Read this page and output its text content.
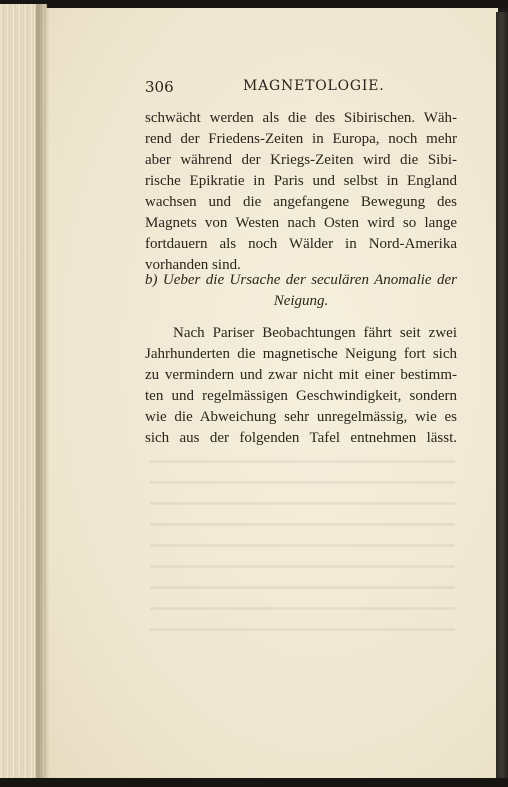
306	MAGNETOLOGIE.
schwächt werden als die des Sibirischen. Wäh-
rend der Friedens-Zeiten in Europa, noch mehr
aber während der Kriegs-Zeiten wird die Sibi-
rische Epikratie in Paris und selbst in England
wachsen und die angefangene Bewegung des
Magnets von Westen nach Osten wird so lange
fortdauern als noch Wälder in Nord-Amerika
vorhanden sind.
b) Ueber die Ursache der seculären Anomalie der
Neigung.
Nach Pariser Beobachtungen fährt seit zwei
Jahrhunderten die magnetische Neigung fort sich
zu vermindern und zwar nicht mit einer bestimm-
ten und regelmässigen Geschwindigkeit, sondern
wie die Abweichung sehr unregelmässig, wie es
sich aus der folgenden Tafel entnehmen lässt.
